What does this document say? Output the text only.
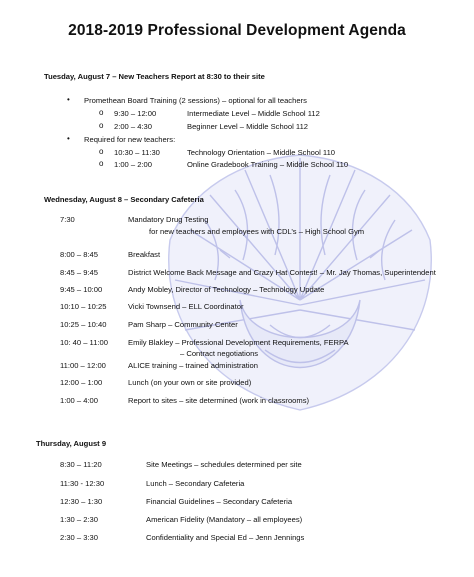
2018-2019 Professional Development Agenda
Tuesday, August 7 – New Teachers Report at 8:30 to their site
• Promethean Board Training (2 sessions) – optional for all teachers
o 9:30 – 12:00	Intermediate Level – Middle School 112
o 2:00 – 4:30	Beginner Level – Middle School 112
• Required for new teachers:
o 10:30 – 11:30	Technology Orientation – Middle School 110
o 1:00 – 2:00	Online Gradebook Training – Middle School 110
Wednesday, August 8 – Secondary Cafeteria
7:30	Mandatory Drug Testing
for new teachers and employees with CDL’s – High School Gym
8:00 – 8:45	Breakfast
8:45 – 9:45	District Welcome Back Message and Crazy Hat Contest! – Mr. Jay Thomas, Superintendent
9:45 – 10:00	Andy Mobley, Director of Technology – Technology Update
10:10 – 10:25	Vicki Townsend – ELL Coordinator
10:25 – 10:40	Pam Sharp – Community Center
10: 40 – 11:00	Emily Blakley – Professional Development Requirements, FERPA
– Contract negotiations
11:00 – 12:00	ALICE training – trained administration
12:00 – 1:00	Lunch (on your own or site provided)
1:00 – 4:00	Report to sites – site determined (work in classrooms)
Thursday, August 9
8:30 – 11:20	Site Meetings – schedules determined per site
11:30 - 12:30	Lunch – Secondary Cafeteria
12:30 – 1:30	Financial Guidelines – Secondary Cafeteria
1:30 – 2:30	American Fidelity (Mandatory – all employees)
2:30 – 3:30	Confidentiality and Special Ed – Jenn Jennings
